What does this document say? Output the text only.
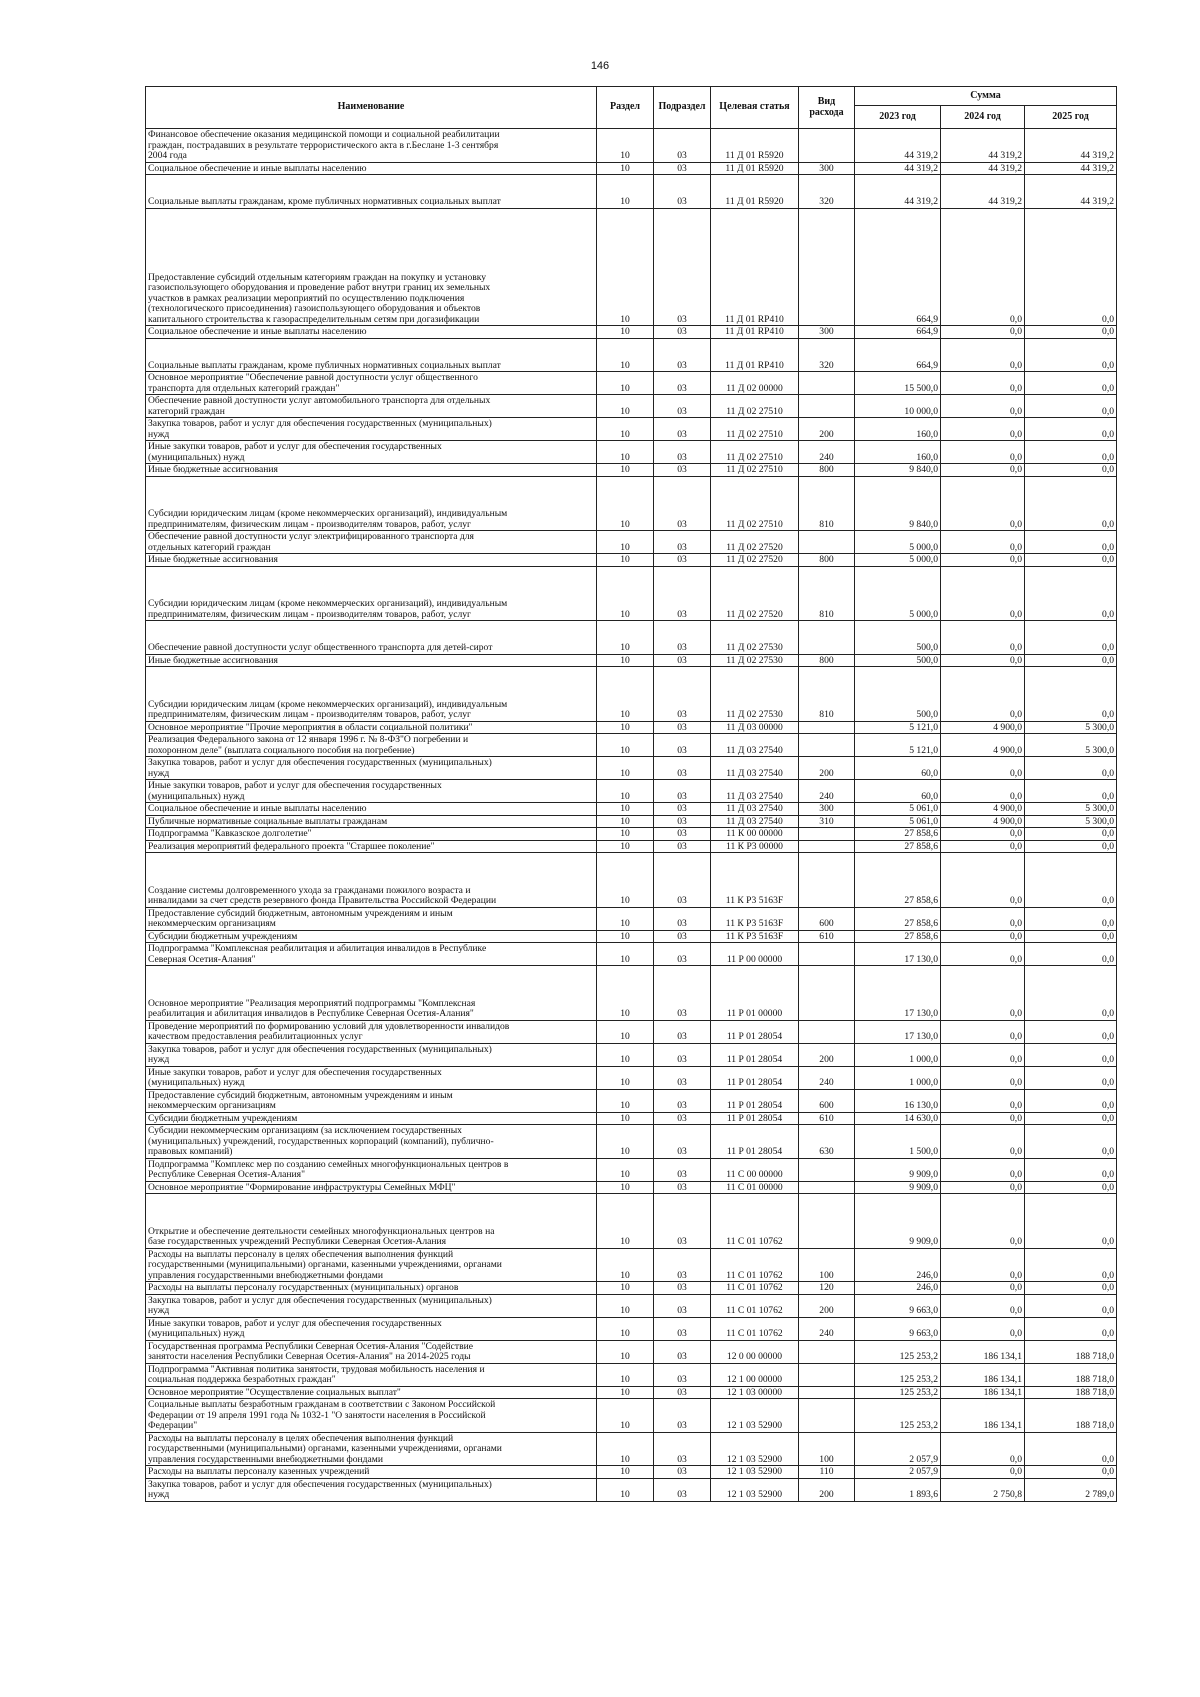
146
Наименование	Раздел	Подраздел	Целевая статья	Вид расхода	Сумма		
					2023 год	2024 год	2025 год
Финансовое обеспечение оказания медицинской помощи и социальной реабилитации
граждан, пострадавших в результате террористического акта в г.Беслане 1-3 сентября
2004 года	10	03	11 Д 01 R5920		44 319,2	44 319,2	44 319,2
Социальное обеспечение и иные выплаты населению	10	03	11 Д 01 R5920	300	44 319,2	44 319,2	44 319,2
Социальные выплаты гражданам, кроме публичных нормативных социальных выплат	10	03	11 Д 01 R5920	320	44 319,2	44 319,2	44 319,2
Предоставление субсидий отдельным категориям граждан на покупку и установку
газоиспользующего оборудования и проведение работ внутри границ их земельных
участков в рамках реализации мероприятий по осуществлению подключения
(технологического присоединения) газоиспользующего оборудования и объектов
капитального строительства к газораспределительным сетям при догазификации	10	03	11 Д 01 RP410		664,9	0,0	0,0
Социальное обеспечение и иные выплаты населению	10	03	11 Д 01 RP410	300	664,9	0,0	0,0
Социальные выплаты гражданам, кроме публичных нормативных социальных выплат	10	03	11 Д 01 RP410	320	664,9	0,0	0,0
Основное мероприятие "Обеспечение равной доступности услуг общественного
транспорта для отдельных категорий граждан"	10	03	11 Д 02 00000		15 500,0	0,0	0,0
Обеспечение равной доступности услуг автомобильного транспорта для отдельных
категорий граждан	10	03	11 Д 02 27510		10 000,0	0,0	0,0
Закупка товаров, работ и услуг для обеспечения государственных (муниципальных)
нужд	10	03	11 Д 02 27510	200	160,0	0,0	0,0
Иные закупки товаров, работ и услуг для обеспечения государственных
(муниципальных) нужд	10	03	11 Д 02 27510	240	160,0	0,0	0,0
Иные бюджетные ассигнования	10	03	11 Д 02 27510	800	9 840,0	0,0	0,0
Субсидии юридическим лицам (кроме некоммерческих организаций), индивидуальным
предпринимателям, физическим лицам - производителям товаров, работ, услуг	10	03	11 Д 02 27510	810	9 840,0	0,0	0,0
Обеспечение равной доступности услуг электрифицированного транспорта для
отдельных категорий граждан	10	03	11 Д 02 27520		5 000,0	0,0	0,0
Иные бюджетные ассигнования	10	03	11 Д 02 27520	800	5 000,0	0,0	0,0
Субсидии юридическим лицам (кроме некоммерческих организаций), индивидуальным
предпринимателям, физическим лицам - производителям товаров, работ, услуг	10	03	11 Д 02 27520	810	5 000,0	0,0	0,0
Обеспечение равной доступности услуг общественного транспорта для детей-сирот	10	03	11 Д 02 27530		500,0	0,0	0,0
Иные бюджетные ассигнования	10	03	11 Д 02 27530	800	500,0	0,0	0,0
Субсидии юридическим лицам (кроме некоммерческих организаций), индивидуальным
предпринимателям, физическим лицам - производителям товаров, работ, услуг	10	03	11 Д 02 27530	810	500,0	0,0	0,0
Основное мероприятие "Прочие мероприятия в области социальной политики"	10	03	11 Д 03 00000		5 121,0	4 900,0	5 300,0
Реализация Федерального закона от 12 января 1996 г. № 8-ФЗ"О погребении и
похоронном деле" (выплата социального пособия на погребение)	10	03	11 Д 03 27540		5 121,0	4 900,0	5 300,0
Закупка товаров, работ и услуг для обеспечения государственных (муниципальных)
нужд	10	03	11 Д 03 27540	200	60,0	0,0	0,0
Иные закупки товаров, работ и услуг для обеспечения государственных
(муниципальных) нужд	10	03	11 Д 03 27540	240	60,0	0,0	0,0
Социальное обеспечение и иные выплаты населению	10	03	11 Д 03 27540	300	5 061,0	4 900,0	5 300,0
Публичные нормативные социальные выплаты гражданам	10	03	11 Д 03 27540	310	5 061,0	4 900,0	5 300,0
Подпрограмма "Кавказское долголетие"	10	03	11 К 00 00000		27 858,6	0,0	0,0
Реализация мероприятий федерального проекта "Старшее поколение"	10	03	11 К Р3 00000		27 858,6	0,0	0,0
Создание системы долговременного ухода за гражданами пожилого возраста и
инвалидами за счет средств резервного фонда Правительства Российской Федерации	10	03	11 К Р3 5163F		27 858,6	0,0	0,0
Предоставление субсидий бюджетным, автономным учреждениям и иным
некоммерческим организациям	10	03	11 К Р3 5163F	600	27 858,6	0,0	0,0
Субсидии бюджетным учреждениям	10	03	11 К Р3 5163F	610	27 858,6	0,0	0,0
Подпрограмма "Комплексная реабилитация и абилитация инвалидов в Республике
Северная Осетия-Алания"	10	03	11 Р 00 00000		17 130,0	0,0	0,0
Основное мероприятие "Реализация мероприятий подпрограммы "Комплексная
реабилитация и абилитация инвалидов в Республике Северная Осетия-Алания"	10	03	11 Р 01 00000		17 130,0	0,0	0,0
Проведение мероприятий по формированию условий для удовлетворенности инвалидов
качеством предоставления реабилитационных услуг	10	03	11 Р 01 28054		17 130,0	0,0	0,0
Закупка товаров, работ и услуг для обеспечения государственных (муниципальных)
нужд	10	03	11 Р 01 28054	200	1 000,0	0,0	0,0
Иные закупки товаров, работ и услуг для обеспечения государственных
(муниципальных) нужд	10	03	11 Р 01 28054	240	1 000,0	0,0	0,0
Предоставление субсидий бюджетным, автономным учреждениям и иным
некоммерческим организациям	10	03	11 Р 01 28054	600	16 130,0	0,0	0,0
Субсидии бюджетным учреждениям	10	03	11 Р 01 28054	610	14 630,0	0,0	0,0
Субсидии некоммерческим организациям (за исключением государственных
(муниципальных) учреждений, государственных корпораций (компаний), публично-
правовых компаний)	10	03	11 Р 01 28054	630	1 500,0	0,0	0,0
Подпрограмма "Комплекс мер по созданию семейных многофункциональных центров в
Республике Северная Осетия-Алания"	10	03	11 С 00 00000		9 909,0	0,0	0,0
Основное мероприятие "Формирование инфраструктуры Семейных МФЦ"	10	03	11 С 01 00000		9 909,0	0,0	0,0
Открытие и обеспечение деятельности семейных многофункциональных центров на
базе государственных учреждений Республики Северная Осетия-Алания	10	03	11 С 01 10762		9 909,0	0,0	0,0
Расходы на выплаты персоналу в целях обеспечения выполнения функций
государственными (муниципальными) органами, казенными учреждениями, органами
управления государственными внебюджетными фондами	10	03	11 С 01 10762	100	246,0	0,0	0,0
Расходы на выплаты персоналу государственных (муниципальных) органов	10	03	11 С 01 10762	120	246,0	0,0	0,0
Закупка товаров, работ и услуг для обеспечения государственных (муниципальных)
нужд	10	03	11 С 01 10762	200	9 663,0	0,0	0,0
Иные закупки товаров, работ и услуг для обеспечения государственных
(муниципальных) нужд	10	03	11 С 01 10762	240	9 663,0	0,0	0,0
Государственная программа Республики Северная Осетия-Алания "Содействие
занятости населения Республики Северная Осетия-Алания" на 2014-2025 годы	10	03	12 0 00 00000		125 253,2	186 134,1	188 718,0
Подпрограмма "Активная политика занятости, трудовая мобильность населения и
социальная поддержка безработных граждан"	10	03	12 1 00 00000		125 253,2	186 134,1	188 718,0
Основное мероприятие "Осуществление социальных выплат"	10	03	12 1 03 00000		125 253,2	186 134,1	188 718,0
Социальные выплаты безработным гражданам в соответствии с Законом Российской
Федерации от 19 апреля 1991 года № 1032-1 "О занятости населения в Российской
Федерации"	10	03	12 1 03 52900		125 253,2	186 134,1	188 718,0
Расходы на выплаты персоналу в целях обеспечения выполнения функций
государственными (муниципальными) органами, казенными учреждениями, органами
управления государственными внебюджетными фондами	10	03	12 1 03 52900	100	2 057,9	0,0	0,0
Расходы на выплаты персоналу казенных учреждений	10	03	12 1 03 52900	110	2 057,9	0,0	0,0
Закупка товаров, работ и услуг для обеспечения государственных (муниципальных)
нужд	10	03	12 1 03 52900	200	1 893,6	2 750,8	2 789,0
